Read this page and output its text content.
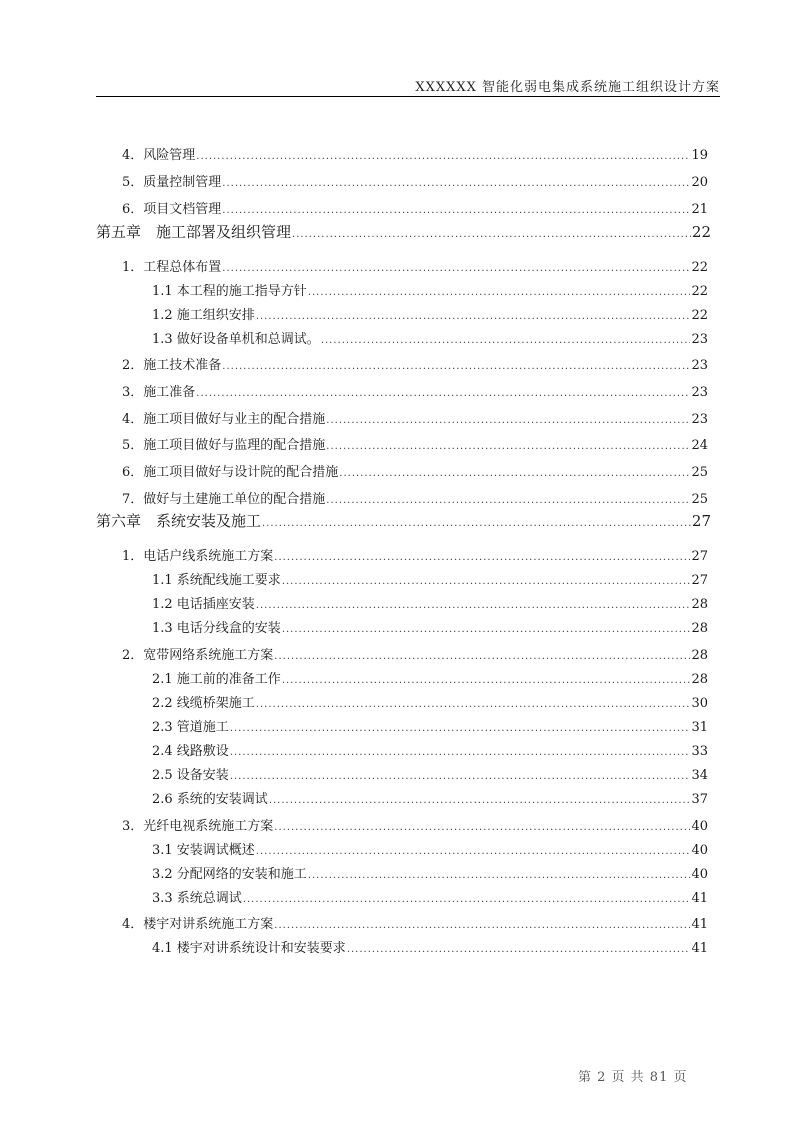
XXXXXX 智能化弱电集成系统施工组织设计方案
4．风险管理 .....	19
5．质量控制管理 .....	20
6．项目文档管理 .....	21
第五章　施工部署及组织管理 .....	22
1．工程总体布置 .....	22
1.1 本工程的施工指导方针 .....	22
1.2 施工组织安排 .....	22
1.3 做好设备单机和总调试。 .....	23
2．施工技术准备 .....	23
3．施工准备 .....	23
4．施工项目做好与业主的配合措施 .....	23
5．施工项目做好与监理的配合措施 .....	24
6．施工项目做好与设计院的配合措施 .....	25
7．做好与土建施工单位的配合措施 .....	25
第六章　系统安装及施工 .....	27
1．电话户线系统施工方案 .....	27
1.1 系统配线施工要求 .....	27
1.2 电话插座安装 .....	28
1.3 电话分线盒的安装 .....	28
2．宽带网络系统施工方案 .....	28
2.1 施工前的准备工作 .....	28
2.2 线缆桥架施工 .....	30
2.3 管道施工 .....	31
2.4 线路敷设 .....	33
2.5 设备安装 .....	34
2.6 系统的安装调试 .....	37
3．光纤电视系统施工方案 .....	40
3.1 安装调试概述 .....	40
3.2 分配网络的安装和施工 .....	40
3.3 系统总调试 .....	41
4．楼宇对讲系统施工方案 .....	41
4.1 楼宇对讲系统设计和安装要求 .....	41
第 2 页 共 81 页
